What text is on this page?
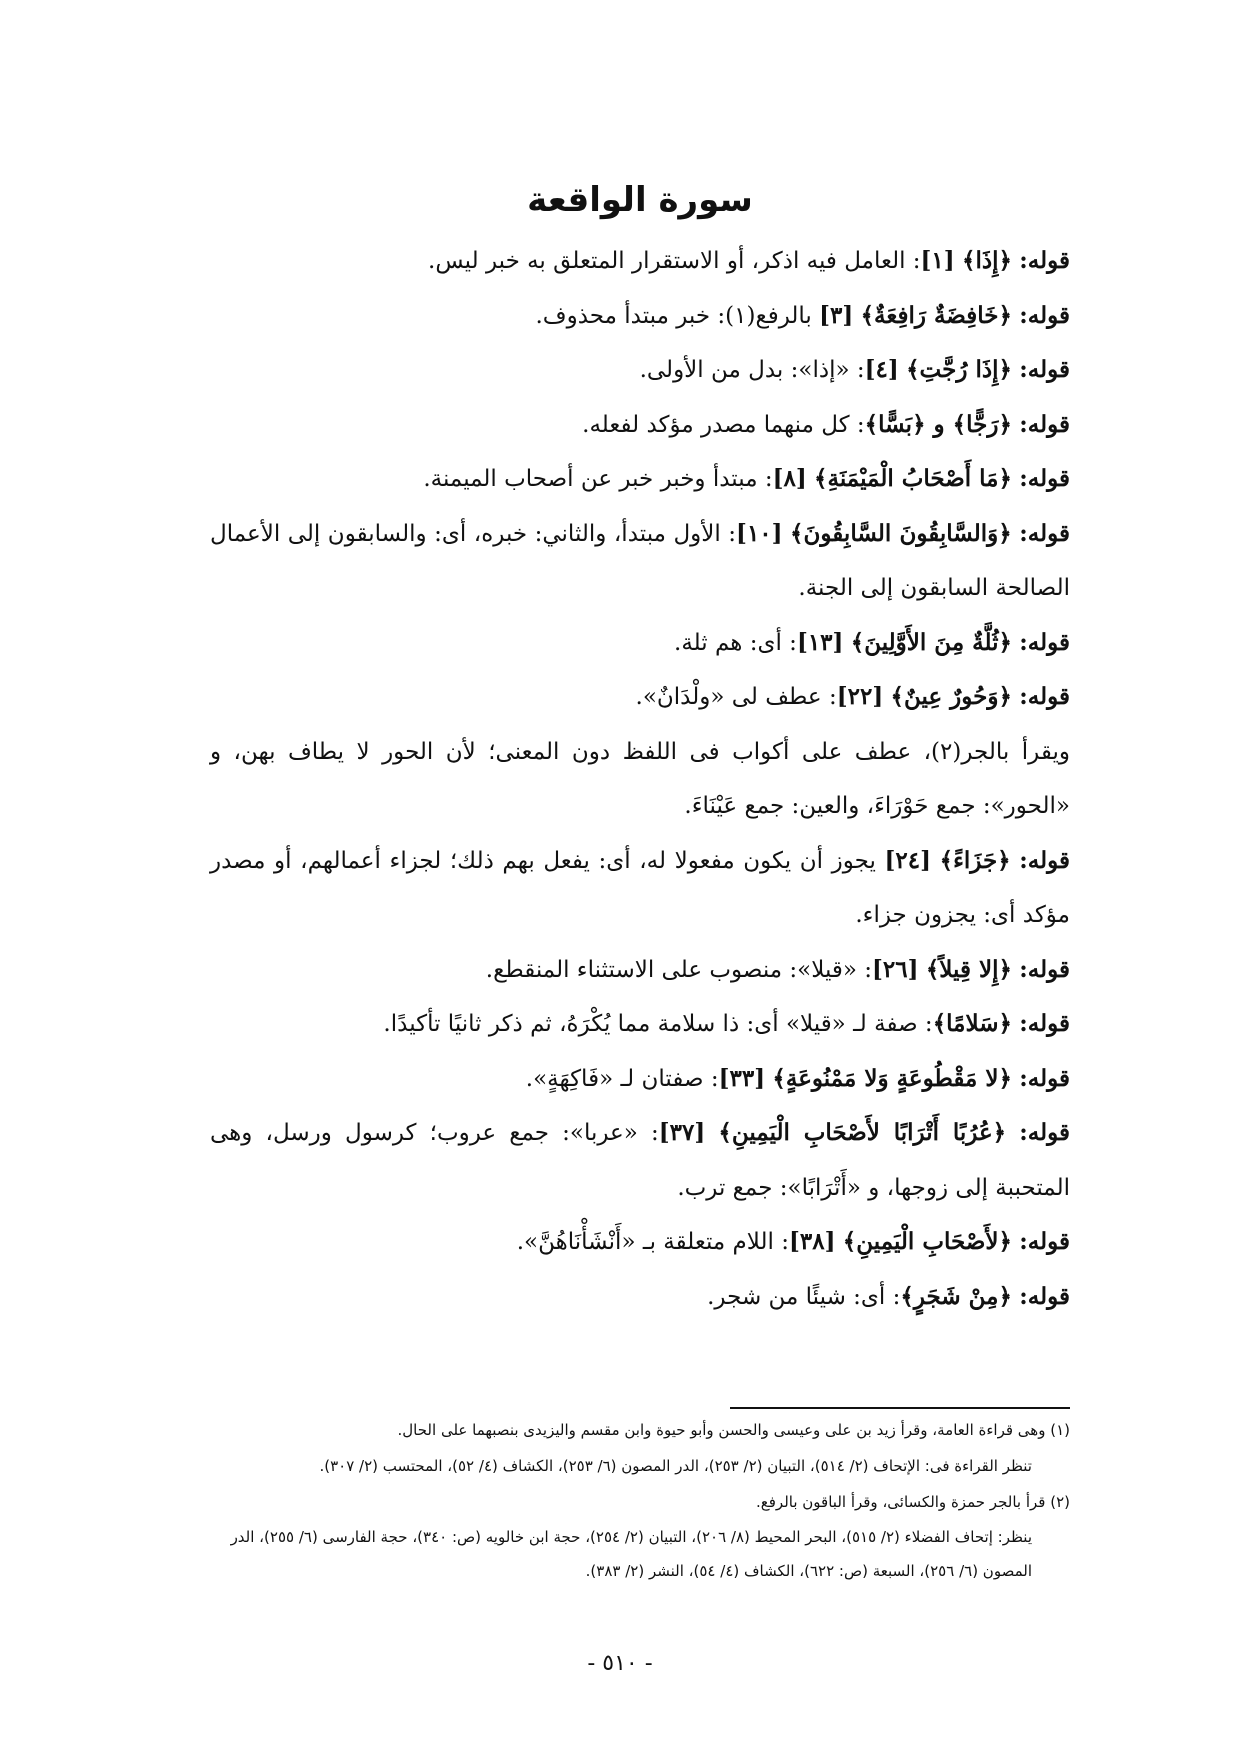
سورة الواقعة

قوله: ﴿إِذَا﴾ [١]: العامل فيه اذكر، أو الاستقرار المتعلق به خبر ليس.

قوله: ﴿خَافِضَةٌ رَافِعَةٌ﴾ [٣] بالرفع(١): خبر مبتدأ محذوف.

قوله: ﴿إِذَا رُجَّتِ﴾ [٤]: «إذا»: بدل من الأولى.

قوله: ﴿رَجًّا﴾ و ﴿بَسًّا﴾: كل منهما مصدر مؤكد لفعله.

قوله: ﴿مَا أَصْحَابُ الْمَيْمَنَةِ﴾ [٨]: مبتدأ وخبر خبر عن أصحاب الميمنة.

قوله: ﴿وَالسَّابِقُونَ السَّابِقُونَ﴾ [١٠]: الأول مبتدأ، والثاني: خبره، أى: والسابقون إلى الأعمال الصالحة السابقون إلى الجنة.

قوله: ﴿ثُلَّةٌ مِنَ الأَوَّلِينَ﴾ [١٣]: أى: هم ثلة.

قوله: ﴿وَحُورٌ عِينٌ﴾ [٢٢]: عطف لى «ولْدَانٌ».

ويقرأ بالجر(٢)، عطف على أكواب فى اللفظ دون المعنى؛ لأن الحور لا يطاف بهن، و «الحور»: جمع حَوْرَاءَ، والعين: جمع عَيْنَاءَ.

قوله: ﴿جَزَاءً﴾ [٢٤] يجوز أن يكون مفعولا له، أى: يفعل بهم ذلك؛ لجزاء أعمالهم، أو مصدر مؤكد أى: يجزون جزاء.

قوله: ﴿إِلا قِيلاً﴾ [٢٦]: «قيلا»: منصوب على الاستثناء المنقطع.

قوله: ﴿سَلامًا﴾: صفة لـ «قيلا» أى: ذا سلامة مما يُكْرَهُ، ثم ذكر ثانيًا تأكيدًا.

قوله: ﴿لا مَقْطُوعَةٍ وَلا مَمْنُوعَةٍ﴾ [٣٣]: صفتان لـ «فَاكِهَةٍ».

قوله: ﴿عُرُبًا أَتْرَابًا لأَصْحَابِ الْيَمِينِ﴾ [٣٧]: «عربا»: جمع عروب؛ كرسول ورسل، وهى المتحببة إلى زوجها، و «أَتْرَابًا»: جمع ترب.

قوله: ﴿لأَصْحَابِ الْيَمِينِ﴾ [٣٨]: اللام متعلقة بـ «أَنْشَأْنَاهُنَّ».

قوله: ﴿مِنْ شَجَرٍ﴾: أى: شيئًا من شجر.

(١) وهى قراءة العامة، وقرأ زيد بن على وعيسى والحسن وأبو حيوة وابن مقسم واليزيدى بنصبهما على الحال.

تنظر القراءة فى: الإتحاف (٢/ ٥١٤)، التبيان (٢/ ٢٥٣)، الدر المصون (٦/ ٢٥٣)، الكشاف (٤/ ٥٢)، المحتسب (٢/ ٣٠٧).

(٢) قرأ بالجر حمزة والكسائى، وقرأ الباقون بالرفع.

ينظر: إتحاف الفضلاء (٢/ ٥١٥)، البحر المحيط (٨/ ٢٠٦)، التبيان (٢/ ٢٥٤)، حجة ابن خالويه (ص: ٣٤٠)، حجة الفارسى (٦/ ٢٥٥)، الدر المصون (٦/ ٢٥٦)، السبعة (ص: ٦٢٢)، الكشاف (٤/ ٥٤)، النشر (٢/ ٣٨٣).

- ٥١٠ -
